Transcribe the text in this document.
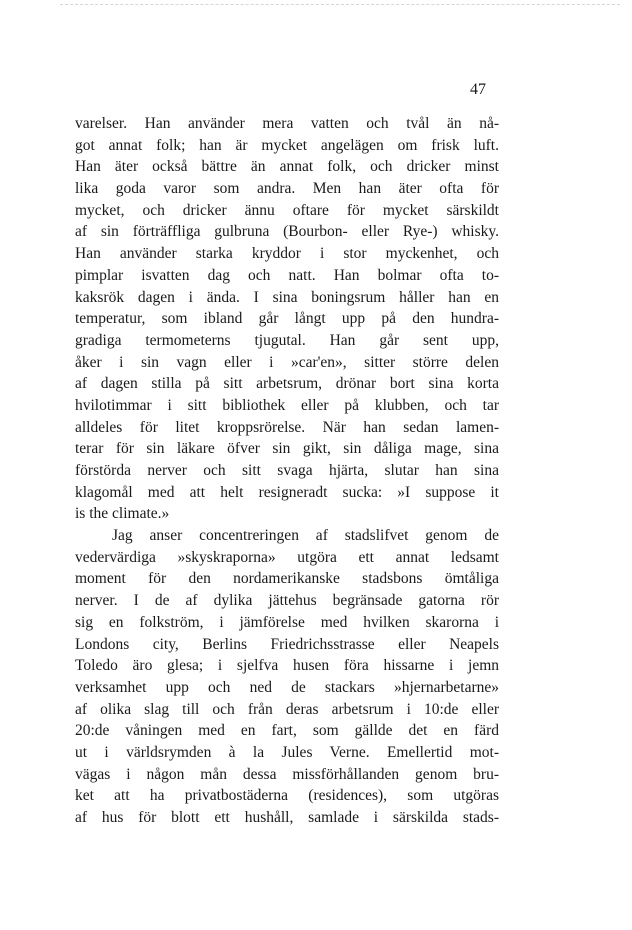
47
varelser. Han använder mera vatten och tvål än nå-
got annat folk; han är mycket angelägen om frisk luft.
Han äter också bättre än annat folk, och dricker minst
lika goda varor som andra. Men han äter ofta för
mycket, och dricker ännu oftare för mycket särskildt
af sin förträffliga gulbruna (Bourbon- eller Rye-) whisky.
Han använder starka kryddor i stor myckenhet, och
pimplar isvatten dag och natt. Han bolmar ofta to-
kaksrök dagen i ända. I sina boningsrum håller han en
temperatur, som ibland går långt upp på den hundra-
gradiga termometerns tjugutal. Han går sent upp,
åker i sin vagn eller i »car'en», sitter större delen
af dagen stilla på sitt arbetsrum, drönar bort sina korta
hvilotimmar i sitt bibliothek eller på klubben, och tar
alldeles för litet kroppsrörelse. När han sedan lamen-
terar för sin läkare öfver sin gikt, sin dåliga mage, sina
förstörda nerver och sitt svaga hjärta, slutar han sina
klagomål med att helt resigneradt sucka: »I suppose it
is the climate.»
Jag anser concentreringen af stadslifvet genom de
vedervärdiga »skyskraporna» utgöra ett annat ledsamt
moment för den nordamerikanske stadsbons ömtåliga
nerver. I de af dylika jättehus begränsade gatorna rör
sig en folkström, i jämförelse med hvilken skarorna i
Londons city, Berlins Friedrichsstrasse eller Neapels
Toledo äro glesa; i sjelfva husen föra hissarne i jemn
verksamhet upp och ned de stackars »hjernarbetarne»
af olika slag till och från deras arbetsrum i 10:de eller
20:de våningen med en fart, som gällde det en färd
ut i världsrymden à la Jules Verne. Emellertid mot-
vägas i någon mån dessa missförhållanden genom bru-
ket att ha privatbostäderna (residences), som utgöras
af hus för blott ett hushåll, samlade i särskilda stads-
